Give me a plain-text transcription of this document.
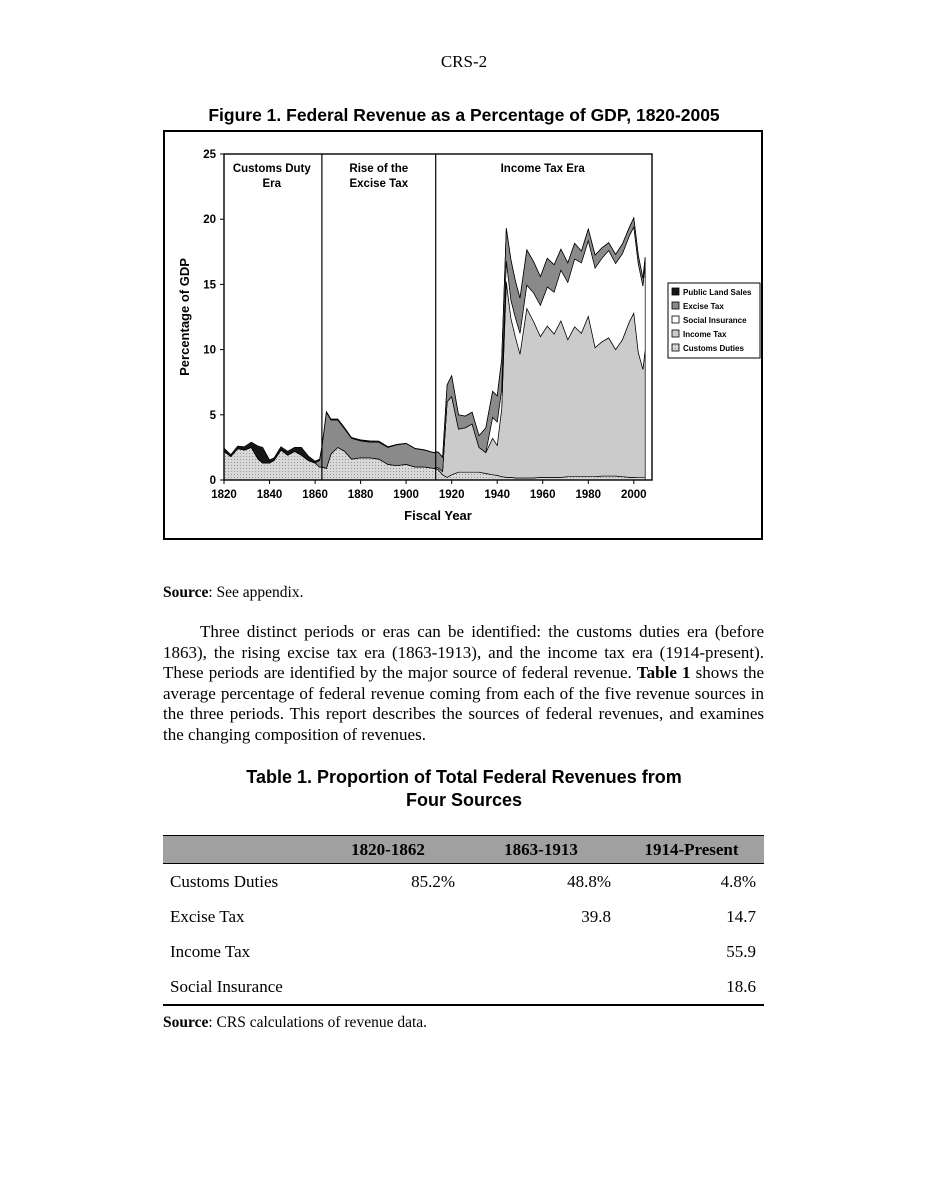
CRS-2
Figure 1. Federal Revenue as a Percentage of GDP, 1820-2005
Customs Duty
Era
Rise of the
Excise Tax
Income Tax Era
0
5
10
15
20
25
1820 1840 1860 1880 1900 1920 1940 1960 1980 2000
Fiscal Year
Percentage of GDP	Public Land Sales
Excise Tax
Social Insurance
Income Tax
Customs Duties

Source: See appendix.

Three distinct periods or eras can be identified: the customs duties era (before 1863), the rising excise tax era (1863-1913), and the income tax era (1914-present). These periods are identified by the major source of federal revenue. Table 1 shows the average percentage of federal revenue coming from each of the five revenue sources in the three periods. This report describes the sources of federal revenues, and examines the changing composition of revenues.

Table 1. Proportion of Total Federal Revenues from
Four Sources
	1820-1862	1863-1913	1914-Present
Customs Duties	85.2%	48.8%	4.8%
Excise Tax		39.8	14.7
Income Tax			55.9
Social Insurance			18.6

Source: CRS calculations of revenue data.
